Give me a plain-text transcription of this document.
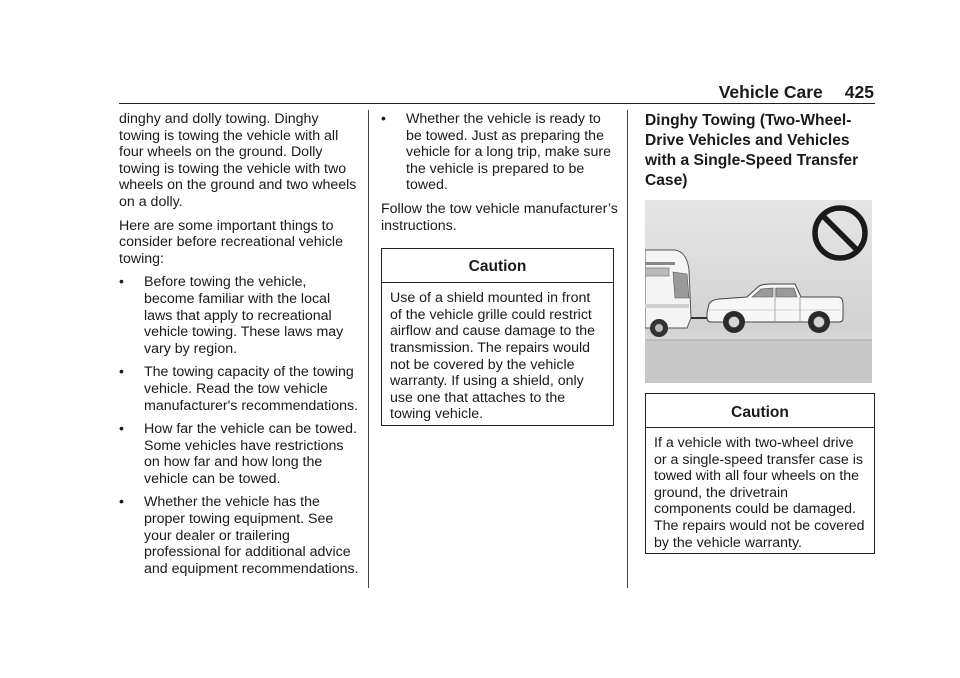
Vehicle Care 425

dinghy and dolly towing. Dinghy towing is towing the vehicle with all four wheels on the ground. Dolly towing is towing the vehicle with two wheels on the ground and two wheels on a dolly.

Here are some important things to consider before recreational vehicle towing:

•	Before towing the vehicle, become familiar with the local laws that apply to recreational vehicle towing. These laws may vary by region.
•	The towing capacity of the towing vehicle. Read the tow vehicle manufacturer's recommendations.
•	How far the vehicle can be towed. Some vehicles have restrictions on how far and how long the vehicle can be towed.
•	Whether the vehicle has the proper towing equipment. See your dealer or trailering professional for additional advice and equipment recommendations.
•	Whether the vehicle is ready to be towed. Just as preparing the vehicle for a long trip, make sure the vehicle is prepared to be towed.

Follow the tow vehicle manufacturer’s instructions.

Caution
Use of a shield mounted in front of the vehicle grille could restrict airflow and cause damage to the transmission. The repairs would not be covered by the vehicle warranty. If using a shield, only use one that attaches to the towing vehicle.
Dinghy Towing (Two-Wheel-Drive Vehicles and Vehicles with a Single-Speed Transfer Case)
Caution
If a vehicle with two-wheel drive or a single-speed transfer case is towed with all four wheels on the ground, the drivetrain components could be damaged. The repairs would not be covered by the vehicle warranty.
